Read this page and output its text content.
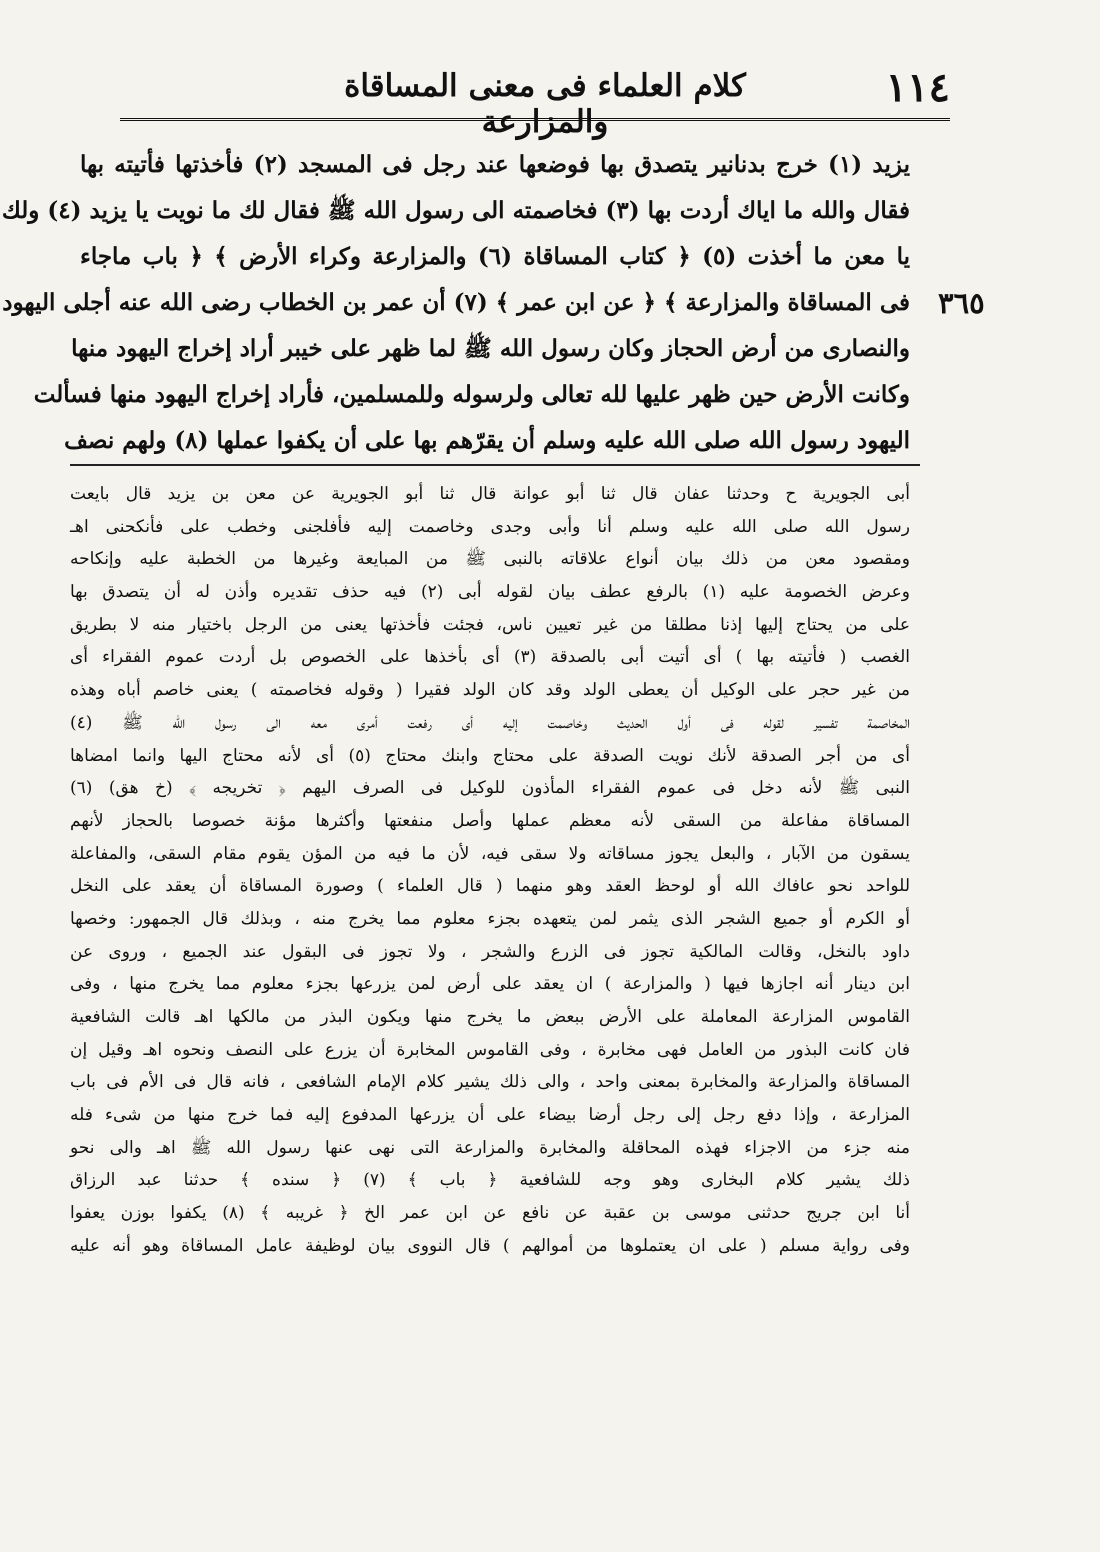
١١٤
كلام العلماء فى معنى المساقاة والمزارعة
يزيد (١) خرج بدنانير يتصدق بها فوضعها عند رجل فى المسجد (٢) فأخذتها فأتيته بها
فقال والله ما اياك أردت بها (٣) فخاصمته الى رسول الله ﷺ فقال لك ما نويت يا يزيد (٤) ولك
يا معن ما أخذت (٥) ﴿ كتاب المساقاة (٦) والمزارعة وكراء الأرض ﴾ ﴿ باب ماجاء
فى المساقاة والمزارعة ﴾ ﴿ عن ابن عمر ﴾ (٧) أن عمر بن الخطاب رضى الله عنه أجلى اليهود
والنصارى من أرض الحجاز وكان رسول الله ﷺ لما ظهر على خيبر أراد إخراج اليهود منها
وكانت الأرض حين ظهر عليها لله تعالى ولرسوله وللمسلمين، فأراد إخراج اليهود منها فسألت
اليهود رسول الله صلى الله عليه وسلم أن يقرّهم بها على أن يكفوا عملها (٨) ولهم نصف
٣٦٥
أبى الجويرية ح وحدثنا عفان قال ثنا أبو عوانة قال ثنا أبو الجويرية عن معن بن يزيد قال بايعت
رسول الله صلى الله عليه وسلم أنا وأبى وجدى وخاصمت إليه فأفلجنى وخطب على فأنكحنى اهـ
ومقصود معن من ذلك بيان أنواع علاقاته بالنبى ﷺ من المبايعة وغيرها من الخطبة عليه وإنكاحه
وعرض الخصومة عليه (١) بالرفع عطف بيان لقوله أبى (٢) فيه حذف تقديره وأذن له أن يتصدق بها
على من يحتاج إليها إذنا مطلقا من غير تعيين ناس، فجئت فأخذتها يعنى من الرجل باختيار منه لا بطريق
الغصب ( فأتيته بها ) أى أتيت أبى بالصدقة (٣) أى بأخذها على الخصوص بل أردت عموم الفقراء أى
من غير حجر على الوكيل أن يعطى الولد وقد كان الولد فقيرا ( وقوله فخاصمته ) يعنى خاصم أباه وهذه
المخاصمة تفسير لقوله فى أول الحديث وخاصمت إليه أى رفعت أمرى معه الى رسول الله ﷺ (٤)
أى من أجر الصدقة لأنك نويت الصدقة على محتاج وابنك محتاج (٥) أى لأنه محتاج اليها وانما امضاها
النبى ﷺ لأنه دخل فى عموم الفقراء المأذون للوكيل فى الصرف اليهم ﴿ تخريجه ﴾ (خ هق) (٦)
المساقاة مفاعلة من السقى لأنه معظم عملها وأصل منفعتها وأكثرها مؤنة خصوصا بالحجاز لأنهم
يسقون من الآبار ، والبعل يجوز مساقاته ولا سقى فيه، لأن ما فيه من المؤن يقوم مقام السقى، والمفاعلة
للواحد نحو عافاك الله أو لوحظ العقد وهو منهما ( قال العلماء ) وصورة المساقاة أن يعقد على النخل
أو الكرم أو جميع الشجر الذى يثمر لمن يتعهده بجزء معلوم مما يخرج منه ، وبذلك قال الجمهور: وخصها
داود بالنخل، وقالت المالكية تجوز فى الزرع والشجر ، ولا تجوز فى البقول عند الجميع ، وروى عن
ابن دينار أنه اجازها فيها ( والمزارعة ) ان يعقد على أرض لمن يزرعها بجزء معلوم مما يخرج منها ، وفى
القاموس المزارعة المعاملة على الأرض ببعض ما يخرج منها ويكون البذر من مالكها اهـ قالت الشافعية
فان كانت البذور من العامل فهى مخابرة ، وفى القاموس المخابرة أن يزرع على النصف ونحوه اهـ وقيل إن
المساقاة والمزارعة والمخابرة بمعنى واحد ، والى ذلك يشير كلام الإمام الشافعى ، فانه قال فى الأم فى باب
المزارعة ، وإذا دفع رجل إلى رجل أرضا بيضاء على أن يزرعها المدفوع إليه فما خرج منها من شىء فله
منه جزء من الاجزاء فهذه المحاقلة والمخابرة والمزارعة التى نهى عنها رسول الله ﷺ اهـ والى نحو
ذلك يشير كلام البخارى وهو وجه للشافعية ﴿ باب ﴾ (٧) ﴿ سنده ﴾ حدثنا عبد الرزاق
أنا ابن جريج حدثنى موسى بن عقبة عن نافع عن ابن عمر الخ ﴿ غريبه ﴾ (٨) يكفوا بوزن يعفوا
وفى رواية مسلم ( على ان يعتملوها من أموالهم ) قال النووى بيان لوظيفة عامل المساقاة وهو أنه عليه
